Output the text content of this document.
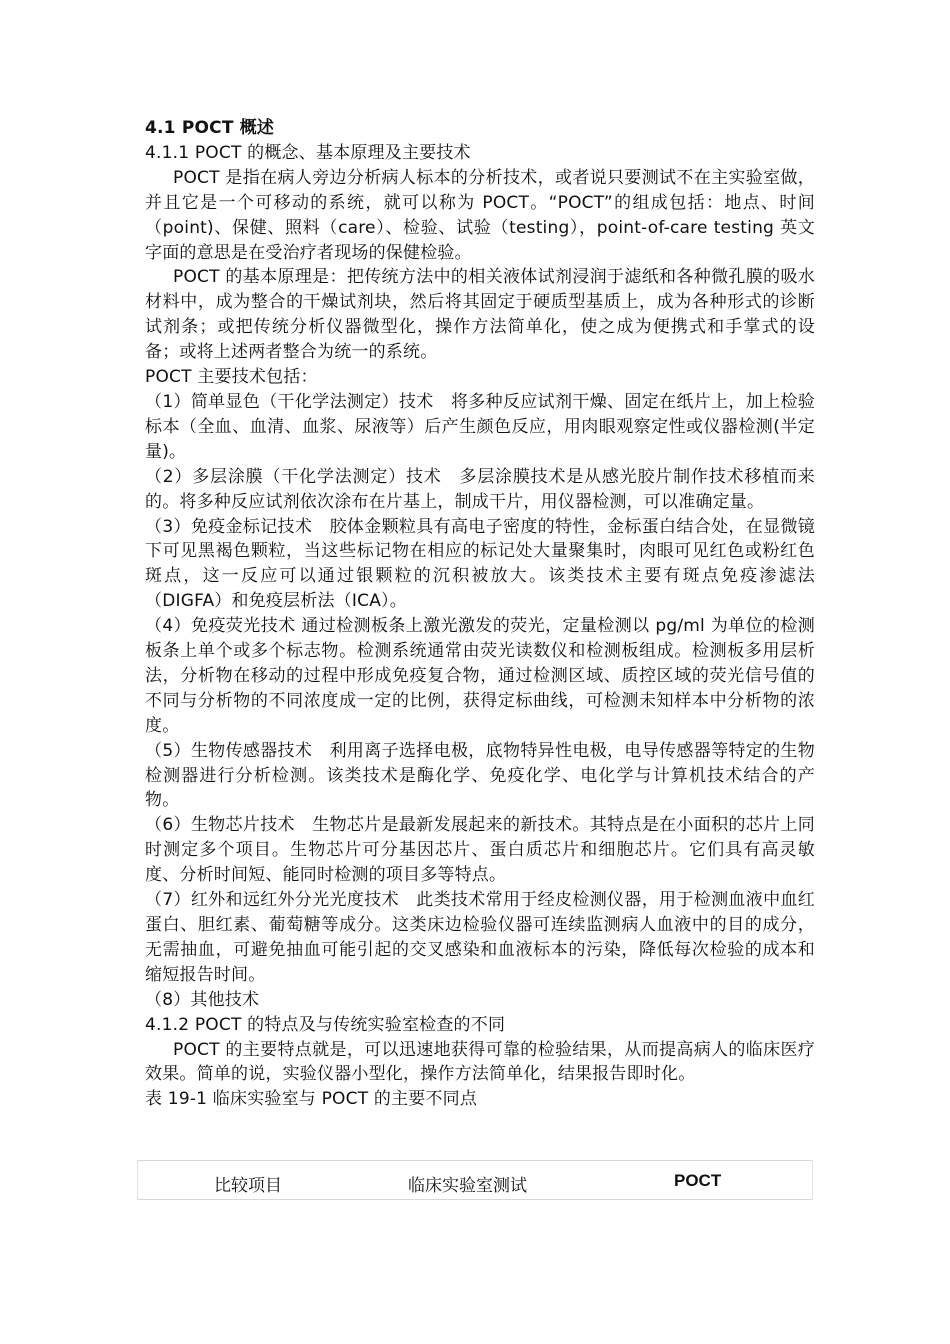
4.1 POCT 概述

4.1.1 POCT 的概念、基本原理及主要技术

POCT 是指在病人旁边分析病人标本的分析技术，或者说只要测试不在主实验室做，并且它是一个可移动的系统，就可以称为 POCT。“POCT”的组成包括：地点、时间（point)、保健、照料（care）、检验、试验（testing），point-of-care testing 英文字面的意思是在受治疗者现场的保健检验。

POCT 的基本原理是：把传统方法中的相关液体试剂浸润于滤纸和各种微孔膜的吸水材料中，成为整合的干燥试剂块，然后将其固定于硬质型基质上，成为各种形式的诊断试剂条；或把传统分析仪器微型化，操作方法简单化，使之成为便携式和手掌式的设备；或将上述两者整合为统一的系统。

POCT 主要技术包括：

（1）简单显色（干化学法测定）技术　将多种反应试剂干燥、固定在纸片上，加上检验标本（全血、血清、血浆、尿液等）后产生颜色反应，用肉眼观察定性或仪器检测(半定量)。

（2）多层涂膜（干化学法测定）技术　多层涂膜技术是从感光胶片制作技术移植而来的。将多种反应试剂依次涂布在片基上，制成干片，用仪器检测，可以准确定量。

（3）免疫金标记技术　胶体金颗粒具有高电子密度的特性，金标蛋白结合处，在显微镜下可见黑褐色颗粒，当这些标记物在相应的标记处大量聚集时，肉眼可见红色或粉红色斑点，这一反应可以通过银颗粒的沉积被放大。该类技术主要有斑点免疫渗滤法（DIGFA）和免疫层析法（ICA）。

（4）免疫荧光技术 通过检测板条上激光激发的荧光，定量检测以 pg/ml 为单位的检测板条上单个或多个标志物。检测系统通常由荧光读数仪和检测板组成。检测板多用层析法，分析物在移动的过程中形成免疫复合物，通过检测区域、质控区域的荧光信号值的不同与分析物的不同浓度成一定的比例，获得定标曲线，可检测未知样本中分析物的浓度。

（5）生物传感器技术　利用离子选择电极，底物特异性电极，电导传感器等特定的生物检测器进行分析检测。该类技术是酶化学、免疫化学、电化学与计算机技术结合的产物。

（6）生物芯片技术　生物芯片是最新发展起来的新技术。其特点是在小面积的芯片上同时测定多个项目。生物芯片可分基因芯片、蛋白质芯片和细胞芯片。它们具有高灵敏度、分析时间短、能同时检测的项目多等特点。

（7）红外和远红外分光光度技术　此类技术常用于经皮检测仪器，用于检测血液中血红蛋白、胆红素、葡萄糖等成分。这类床边检验仪器可连续监测病人血液中的目的成分，无需抽血，可避免抽血可能引起的交叉感染和血液标本的污染，降低每次检验的成本和缩短报告时间。

（8）其他技术

4.1.2 POCT 的特点及与传统实验室检查的不同

POCT 的主要特点就是，可以迅速地获得可靠的检验结果，从而提高病人的临床医疗效果。简单的说，实验仪器小型化，操作方法简单化，结果报告即时化。

表 19-1 临床实验室与 POCT 的主要不同点

比较项目	临床实验室测试	POCT
